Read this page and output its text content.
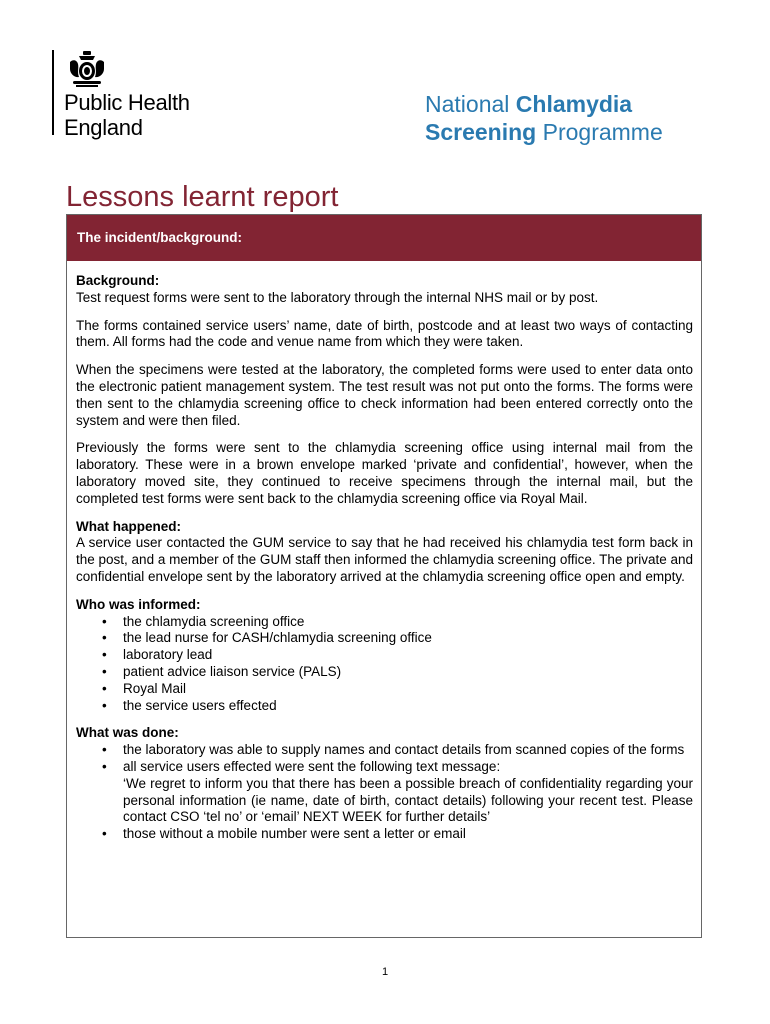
Public Health
England
National Chlamydia
Screening Programme
Lessons learnt report
The incident/background:

Background:

Test request forms were sent to the laboratory through the internal NHS mail or by post.

The forms contained service users’ name, date of birth, postcode and at least two ways of contacting them. All forms had the code and venue name from which they were taken.

When the specimens were tested at the laboratory, the completed forms were used to enter data onto the electronic patient management system. The test result was not put onto the forms. The forms were then sent to the chlamydia screening office to check information had been entered correctly onto the system and were then filed.

Previously the forms were sent to the chlamydia screening office using internal mail from the laboratory. These were in a brown envelope marked ‘private and confidential’, however, when the laboratory moved site, they continued to receive specimens through the internal mail, but the completed test forms were sent back to the chlamydia screening office via Royal Mail.

What happened:

A service user contacted the GUM service to say that he had received his chlamydia test form back in the post, and a member of the GUM staff then informed the chlamydia screening office. The private and confidential envelope sent by the laboratory arrived at the chlamydia screening office open and empty.

Who was informed:

• the chlamydia screening office
• the lead nurse for CASH/chlamydia screening office
• laboratory lead
• patient advice liaison service (PALS)
• Royal Mail
• the service users effected

What was done:

• the laboratory was able to supply names and contact details from scanned copies of the forms
• all service users effected were sent the following text message:
‘We regret to inform you that there has been a possible breach of confidentiality regarding your personal information (ie name, date of birth, contact details) following your recent test. Please contact CSO ‘tel no’ or ‘email’ NEXT WEEK for further details’
• those without a mobile number were sent a letter or email
1
